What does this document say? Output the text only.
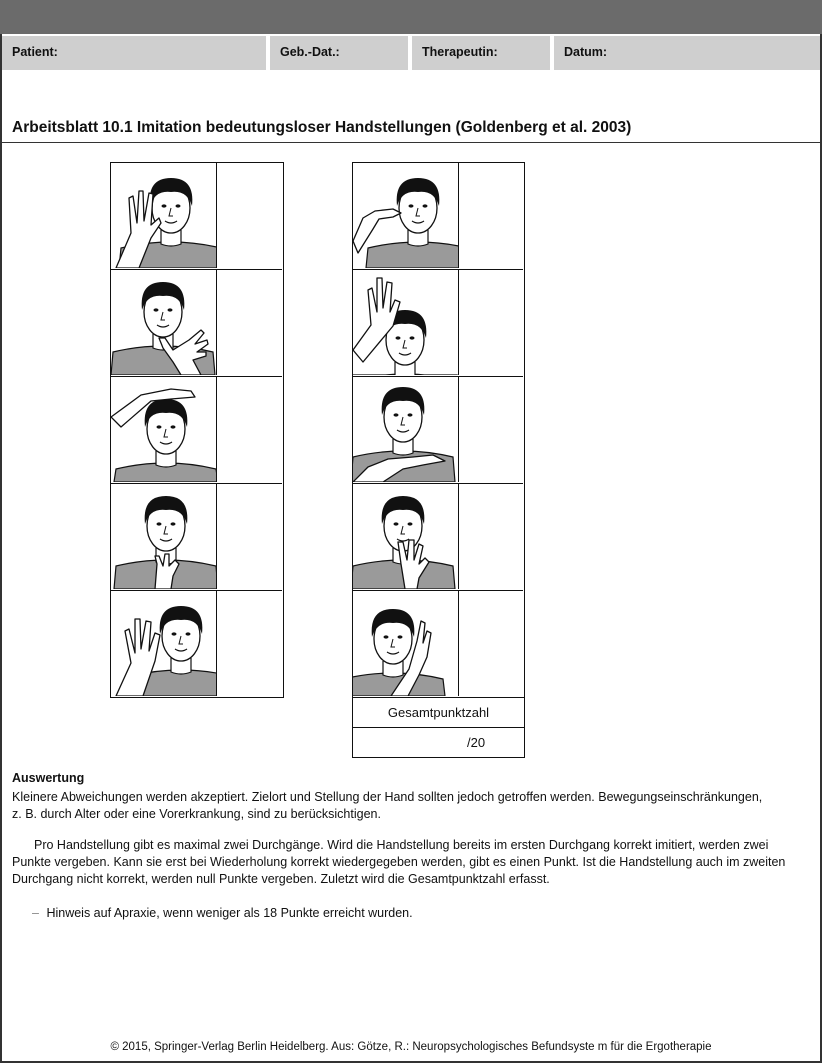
Patient:	Geb.-Dat.:	Therapeutin:	Datum:
Arbeitsblatt 10.1 Imitation bedeutungsloser Handstellungen (Goldenberg et al. 2003)
Gesamtpunktzahl
/20
Auswertung
Kleinere Abweichungen werden akzeptiert. Zielort und Stellung der Hand sollten jedoch getroffen werden. Bewegungseinschränkungen,
z. B. durch Alter oder eine Vorerkrankung, sind zu berücksichtigen.
Pro Handstellung gibt es maximal zwei Durchgänge. Wird die Handstellung bereits im ersten Durchgang korrekt imitiert, werden zwei
Punkte vergeben. Kann sie erst bei Wiederholung korrekt wiedergegeben werden, gibt es einen Punkt. Ist die Handstellung auch im zweiten
Durchgang nicht korrekt, werden null Punkte vergeben. Zuletzt wird die Gesamtpunktzahl erfasst.
– Hinweis auf Apraxie, wenn weniger als 18 Punkte erreicht wurden.
© 2015, Springer-Verlag Berlin Heidelberg. Aus: Götze, R.: Neuropsychologisches Befundsyste m für die Ergotherapie
